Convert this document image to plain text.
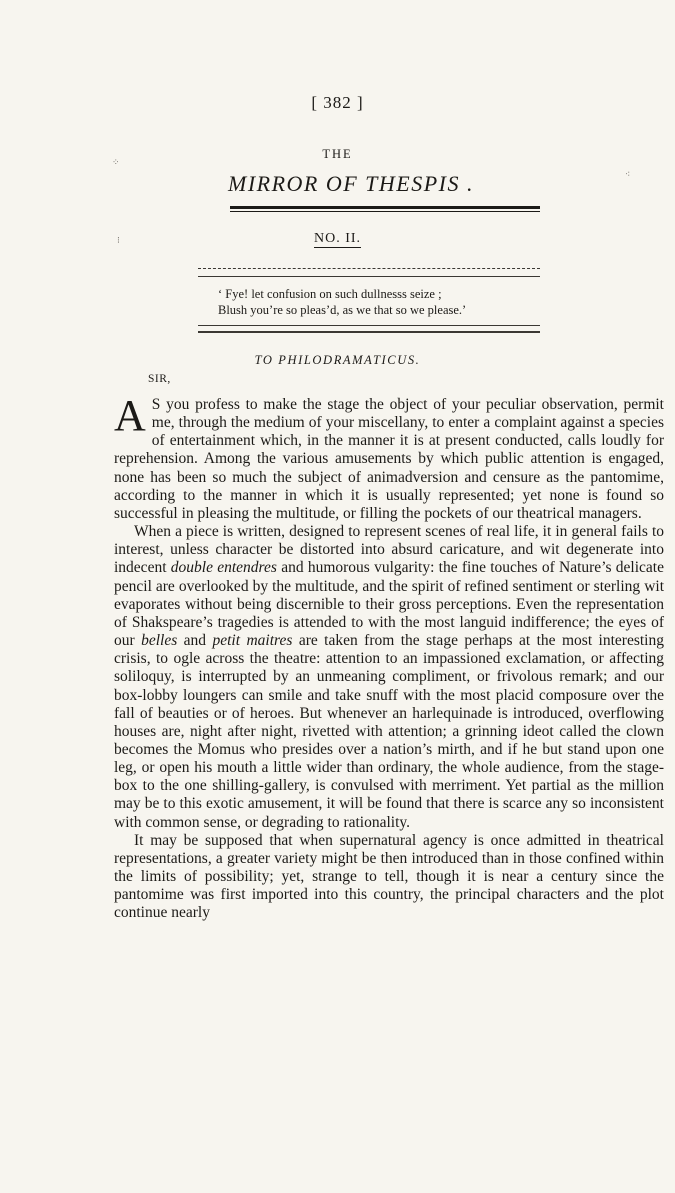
[ 382 ]
THE
MIRROR OF THESPIS .
NO. II.
‘ Fye! let confusion on such dullnesss seize ;
Blush you’re so pleas’d, as we that so we please.’
TO PHILODRAMATICUS.
SIR,

A S you profess to make the stage the object of your peculiar observation, permit me, through the medium of your miscellany, to enter a complaint against a species of entertainment which, in the manner it is at present conducted, calls loudly for reprehension. Among the various amusements by which public attention is engaged, none has been so much the subject of animadversion and censure as the pantomime, according to the manner in which it is usually represented; yet none is found so successful in pleasing the multitude, or filling the pockets of our theatrical managers.

When a piece is written, designed to represent scenes of real life, it in general fails to interest, unless character be distorted into absurd caricature, and wit degenerate into indecent double entendres and humorous vulgarity: the fine touches of Nature’s delicate pencil are overlooked by the multitude, and the spirit of refined sentiment or sterling wit evaporates without being discernible to their gross perceptions. Even the representation of Shakspeare’s tragedies is attended to with the most languid indifference; the eyes of our belles and petit maitres are taken from the stage perhaps at the most interesting crisis, to ogle across the theatre: attention to an impassioned exclamation, or affecting soliloquy, is interrupted by an unmeaning compliment, or frivolous remark; and our box-lobby loungers can smile and take snuff with the most placid composure over the fall of beauties or of heroes. But whenever an harlequinade is introduced, overflowing houses are, night after night, rivetted with attention; a grinning ideot called the clown becomes the Momus who presides over a nation’s mirth, and if he but stand upon one leg, or open his mouth a little wider than ordinary, the whole audience, from the stage-box to the one shilling-gallery, is convulsed with merriment. Yet partial as the million may be to this exotic amusement, it will be found that there is scarce any so inconsistent with common sense, or degrading to rationality.

It may be supposed that when supernatural agency is once admitted in theatrical representations, a greater variety might be then introduced than in those confined within the limits of possibility; yet, strange to tell, though it is near a century since the pantomime was first imported into this country, the principal characters and the plot continue nearly

⁘
⁝
⁖
